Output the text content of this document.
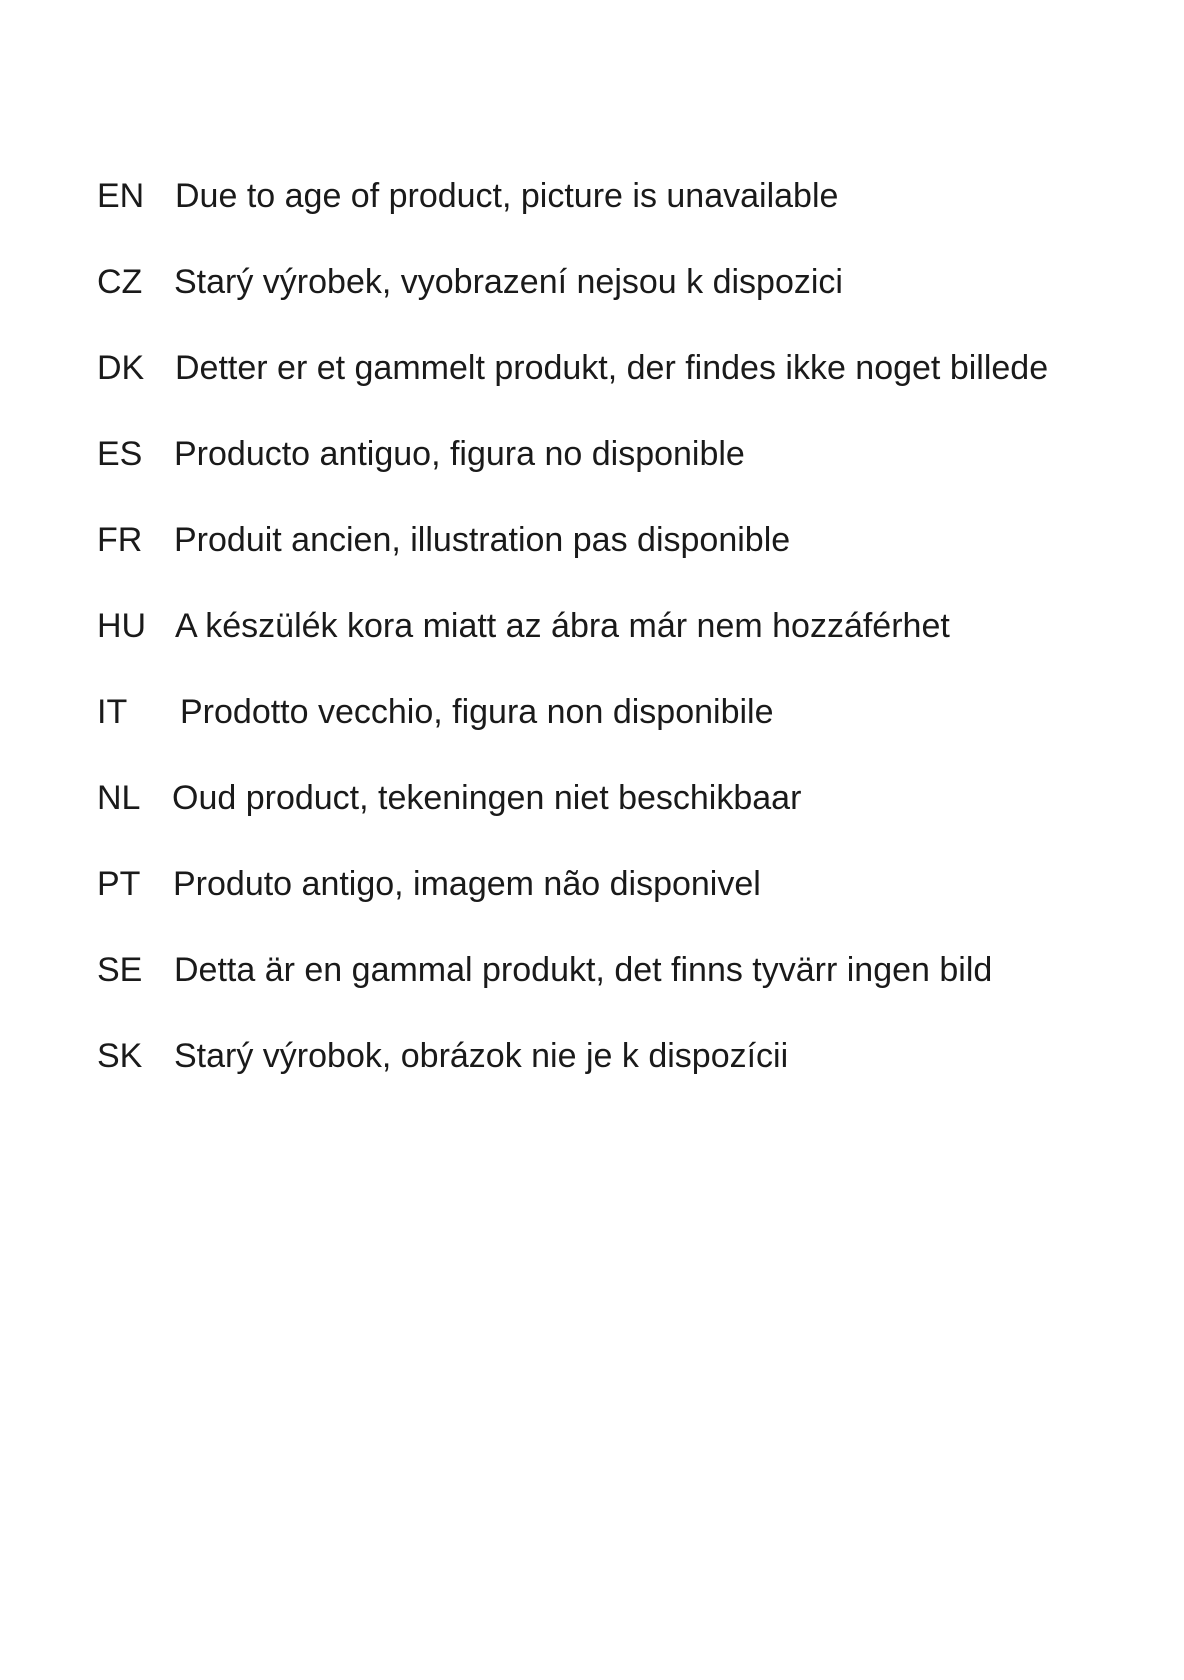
EN Due to age of product, picture is unavailable
CZ Starý výrobek, vyobrazení nejsou k dispozici
DK Detter er et gammelt produkt, der findes ikke noget billede
ES Producto antiguo, figura no disponible
FR Produit ancien, illustration pas disponible
HU A készülék kora miatt az ábra már nem hozzáférhet
IT	Prodotto vecchio, figura non disponibile
NL Oud product, tekeningen niet beschikbaar
PT Produto antigo, imagem não disponivel
SE Detta är en gammal produkt, det finns tyvärr ingen bild
SK Starý výrobok, obrázok nie je k dispozícii
